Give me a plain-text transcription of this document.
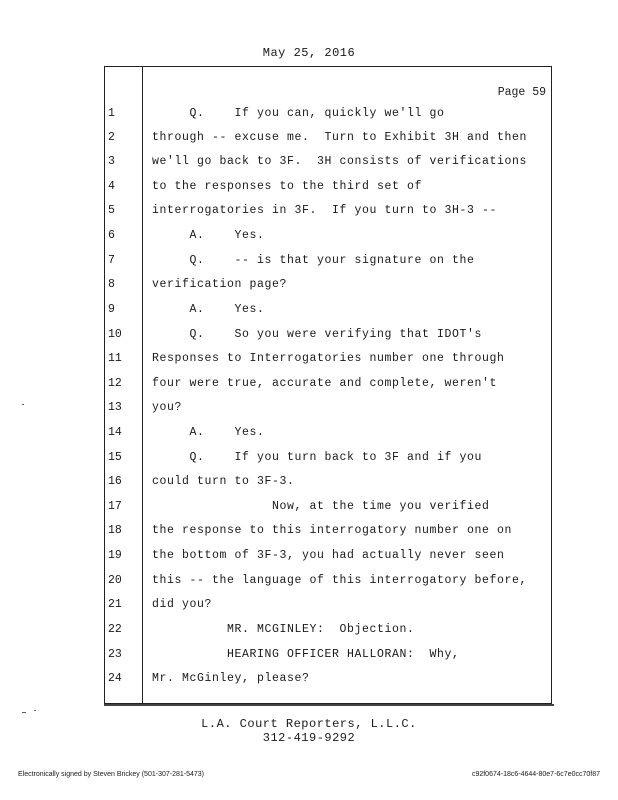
May 25, 2016
Page 59
1	Q.    If you can, quickly we'll go
2	through -- excuse me.  Turn to Exhibit 3H and then
3	we'll go back to 3F.  3H consists of verifications
4	to the responses to the third set of
5	interrogatories in 3F.  If you turn to 3H-3 --
6	A.    Yes.
7	Q.    -- is that your signature on the
8	verification page?
9	A.    Yes.
10	Q.    So you were verifying that IDOT's
11	Responses to Interrogatories number one through
12	four were true, accurate and complete, weren't
13	you?
14	A.    Yes.
15	Q.    If you turn back to 3F and if you
16	could turn to 3F-3.
17	Now, at the time you verified
18	the response to this interrogatory number one on
19	the bottom of 3F-3, you had actually never seen
20	this -- the language of this interrogatory before,
21	did you?
22	MR. MCGINLEY:  Objection.
23	HEARING OFFICER HALLORAN:  Why,
24	Mr. McGinley, please?
L.A. Court Reporters, L.L.C.
312-419-9292
Electronically signed by Steven Brickey (501-307-281-5473)	c92f0674-18c6-4644-80e7-6c7e0cc70f87
